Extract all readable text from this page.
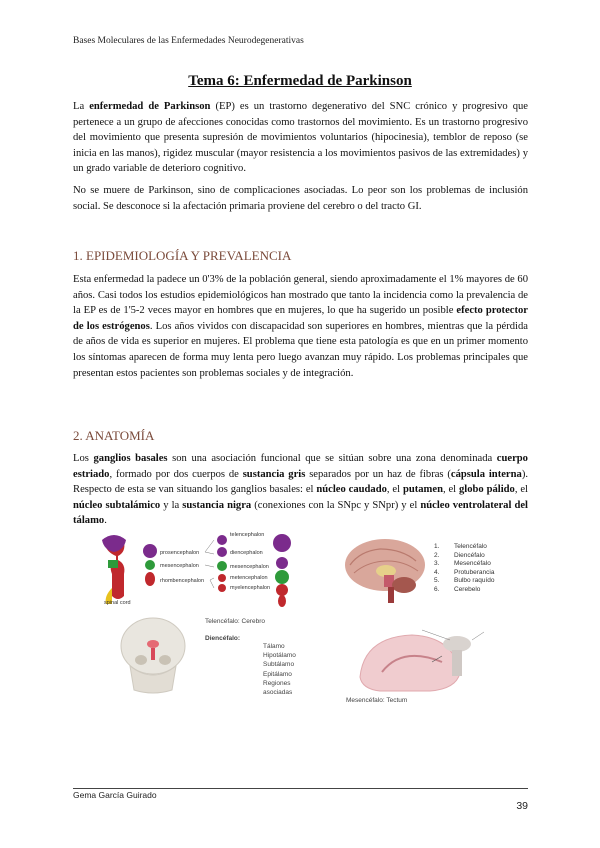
Bases Moleculares de las Enfermedades Neurodegenerativas
Tema 6: Enfermedad de Parkinson
La enfermedad de Parkinson (EP) es un trastorno degenerativo del SNC crónico y progresivo que pertenece a un grupo de afecciones conocidas como trastornos del movimiento. Es un trastorno progresivo del movimiento que presenta supresión de movimientos voluntarios (hipocinesia), temblor de reposo (se inicia en las manos), rigidez muscular (mayor resistencia a los movimientos pasivos de las extremidades) y un grado variable de deterioro cognitivo.
No se muere de Parkinson, sino de complicaciones asociadas. Lo peor son los problemas de inclusión social. Se desconoce si la afectación primaria proviene del cerebro o del tracto GI.
1. EPIDEMIOLOGÍA Y PREVALENCIA
Esta enfermedad la padece un 0'3% de la población general, siendo aproximadamente el 1% mayores de 60 años. Casi todos los estudios epidemiológicos han mostrado que tanto la incidencia como la prevalencia de la EP es de 1'5-2 veces mayor en hombres que en mujeres, lo que ha sugerido un posible efecto protector de los estrógenos. Los años vividos con discapacidad son superiores en hombres, mientras que la pérdida de años de vida es superior en mujeres. El problema que tiene esta patología es que en un primer momento los síntomas aparecen de forma muy lenta pero luego avanzan muy rápido. Los problemas principales que presentan estos pacientes son problemas sociales y de integración.
2. ANATOMÍA
Los ganglios basales son una asociación funcional que se sitúan sobre una zona denominada cuerpo estriado, formado por dos cuerpos de sustancia gris separados por un haz de fibras (cápsula interna). Respecto de esta se van situando los ganglios basales: el núcleo caudado, el putamen, el globo pálido, el núcleo subtalámico y la sustancia nigra (conexiones con la SNpc y SNpr) y el núcleo ventrolateral del tálamo.
spinal cord
prosencephalon
mesencephalon
rhombencephalon
telencephalon
diencephalon
mesencephalon
metencephalon
myelencephalon
1. Telencéfalo
2. Diencéfalo
3. Mesencéfalo
4. Protuberancia
5. Bulbo raquído
6. Cerebelo
Telencéfalo: Cerebro
Diencéfalo:
Tálamo
Hipotálamo
Subtálamo
Epitálamo
Regiones asociadas
Mesencéfalo: Tectum
Gema García Guirado
39
